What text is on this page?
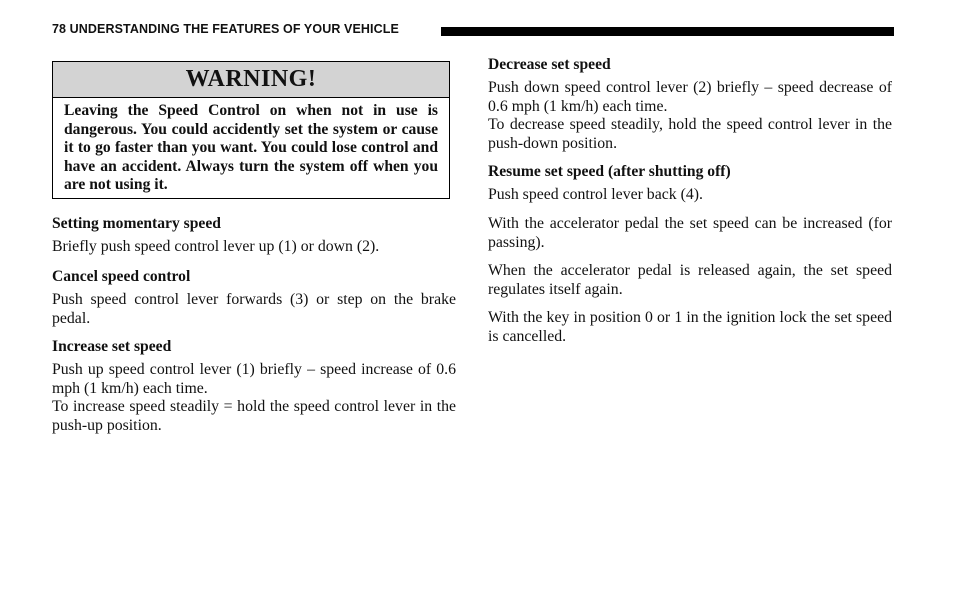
78 UNDERSTANDING THE FEATURES OF YOUR VEHICLE
WARNING!
Leaving the Speed Control on when not in use is dangerous. You could accidently set the system or cause it to go faster than you want. You could lose control and have an accident. Always turn the system off when you are not using it.
Setting momentary speed

Briefly push speed control lever up (1) or down (2).

Cancel speed control

Push speed control lever forwards (3) or step on the brake pedal.

Increase set speed

Push up speed control lever (1) briefly – speed increase of 0.6 mph (1 km/h) each time.

To increase speed steadily = hold the speed control lever in the push-up position.

Decrease set speed

Push down speed control lever (2) briefly – speed decrease of 0.6 mph (1 km/h) each time.

To decrease speed steadily, hold the speed control lever in the push-down position.

Resume set speed (after shutting off)

Push speed control lever back (4).

With the accelerator pedal the set speed can be increased (for passing).
When the accelerator pedal is released again, the set speed regulates itself again.
With the key in position 0 or 1 in the ignition lock the set speed is cancelled.
